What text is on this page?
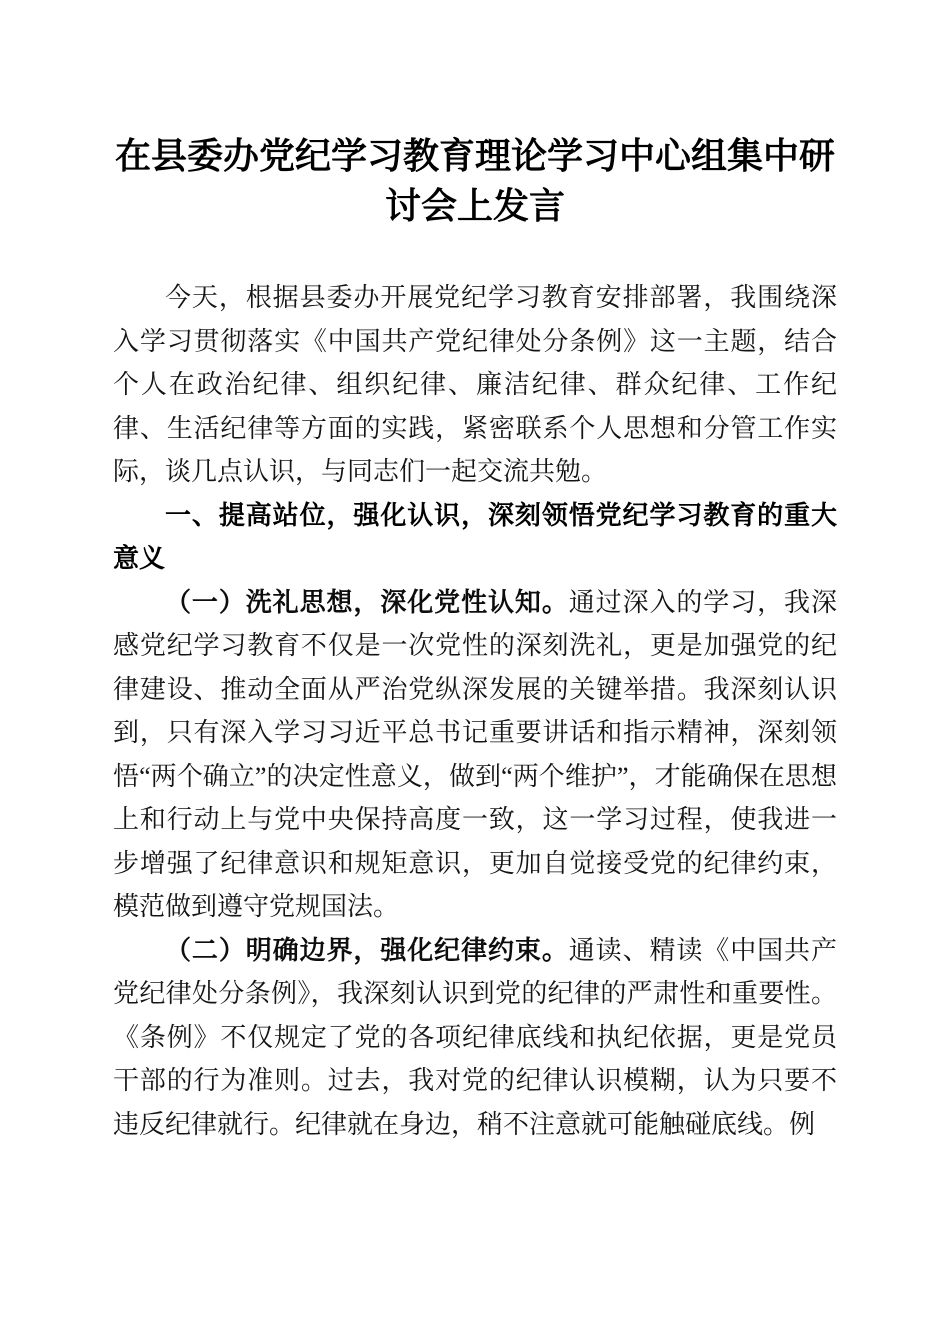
在县委办党纪学习教育理论学习中心组集中研讨会上发言

今天，根据县委办开展党纪学习教育安排部署，我围绕深入学习贯彻落实《中国共产党纪律处分条例》这一主题，结合个人在政治纪律、组织纪律、廉洁纪律、群众纪律、工作纪律、生活纪律等方面的实践，紧密联系个人思想和分管工作实际，谈几点认识，与同志们一起交流共勉。

一、提高站位，强化认识，深刻领悟党纪学习教育的重大意义

（一）洗礼思想，深化党性认知。通过深入的学习，我深感党纪学习教育不仅是一次党性的深刻洗礼，更是加强党的纪律建设、推动全面从严治党纵深发展的关键举措。我深刻认识到，只有深入学习习近平总书记重要讲话和指示精神，深刻领悟“两个确立”的决定性意义，做到“两个维护”，才能确保在思想上和行动上与党中央保持高度一致，这一学习过程，使我进一步增强了纪律意识和规矩意识，更加自觉接受党的纪律约束，模范做到遵守党规国法。

（二）明确边界，强化纪律约束。通读、精读《中国共产党纪律处分条例》，我深刻认识到党的纪律的严肃性和重要性。《条例》不仅规定了党的各项纪律底线和执纪依据，更是党员干部的行为准则。过去，我对党的纪律认识模糊，认为只要不违反纪律就行。纪律就在身边，稍不注意就可能触碰底线。例
